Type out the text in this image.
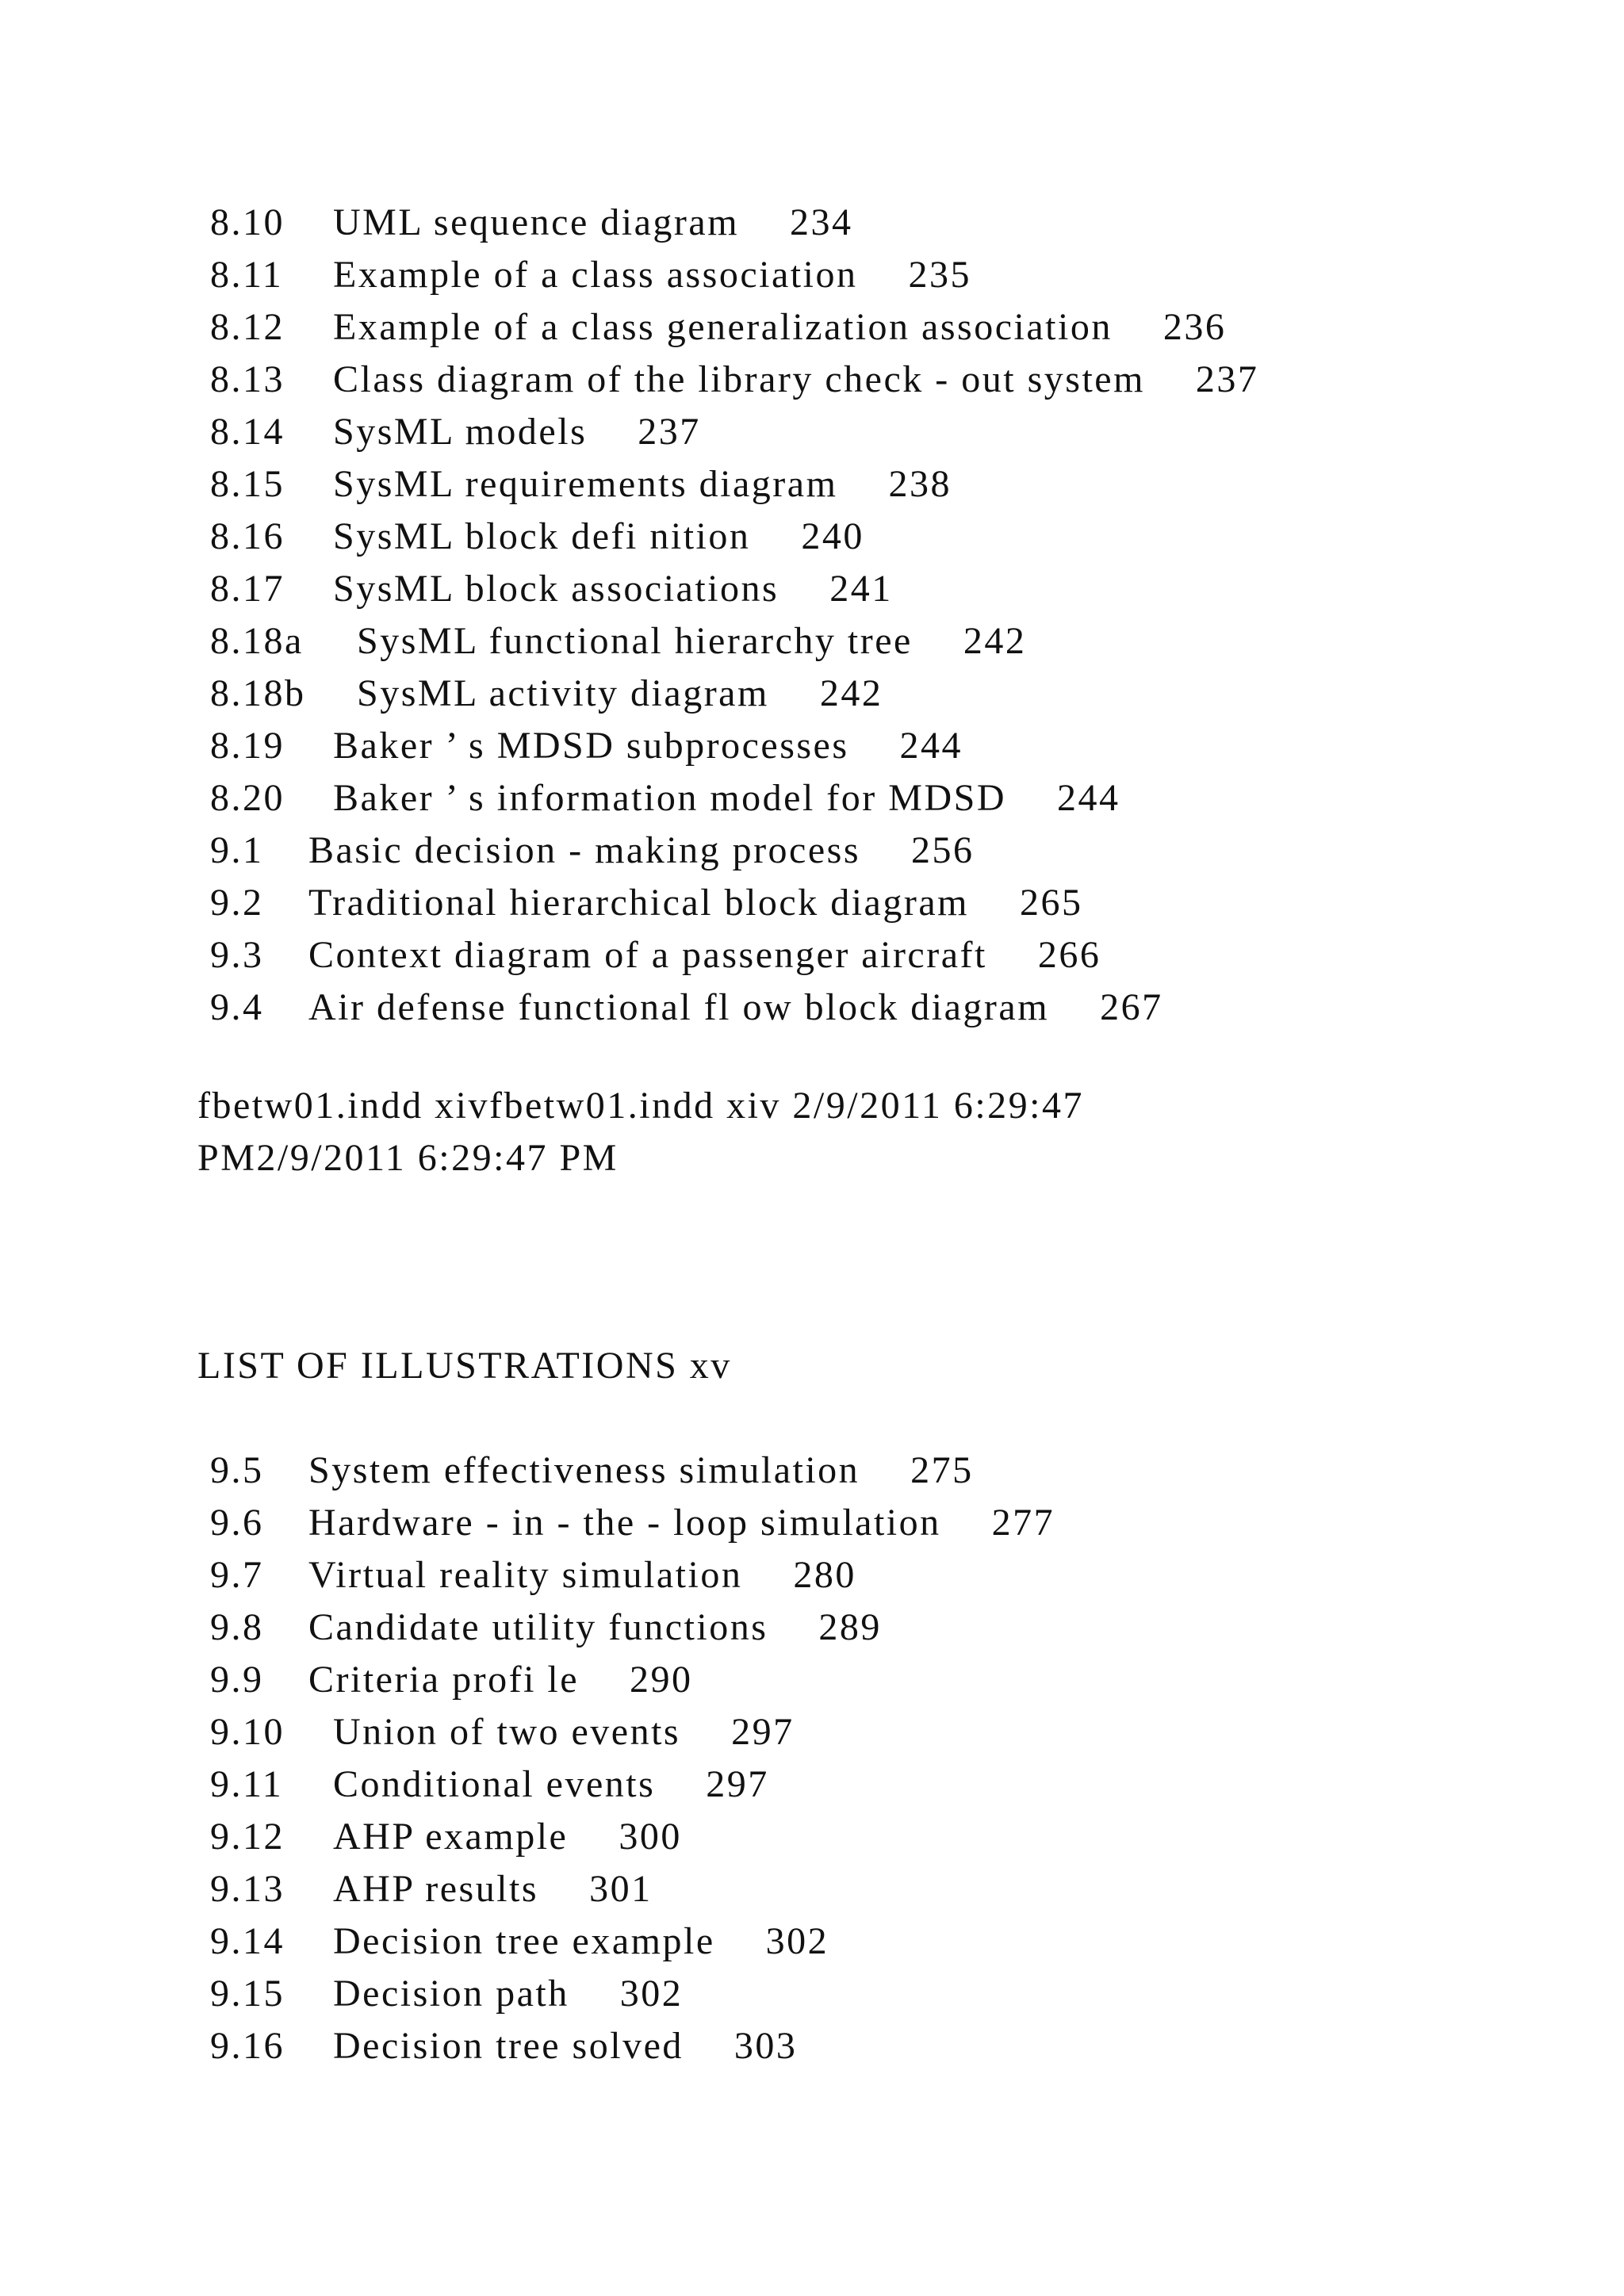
8.10 UML sequence diagram 234
8.11 Example of a class association 235
8.12 Example of a class generalization association 236
8.13 Class diagram of the library check - out system 237
8.14 SysML models 237
8.15 SysML requirements diagram 238
8.16 SysML block defi nition 240
8.17 SysML block associations 241
8.18a SysML functional hierarchy tree 242
8.18b SysML activity diagram 242
8.19 Baker ’ s MDSD subprocesses 244
8.20 Baker ’ s information model for MDSD 244
9.1 Basic decision - making process 256
9.2 Traditional hierarchical block diagram 265
9.3 Context diagram of a passenger aircraft 266
9.4 Air defense functional fl ow block diagram 267
fbetw01.indd xivfbetw01.indd xiv 2/9/2011 6:29:47
PM2/9/2011 6:29:47 PM
LIST OF ILLUSTRATIONS xv
9.5 System effectiveness simulation 275
9.6 Hardware - in - the - loop simulation 277
9.7 Virtual reality simulation 280
9.8 Candidate utility functions 289
9.9 Criteria profi le 290
9.10 Union of two events 297
9.11 Conditional events 297
9.12 AHP example 300
9.13 AHP results 301
9.14 Decision tree example 302
9.15 Decision path 302
9.16 Decision tree solved 303
